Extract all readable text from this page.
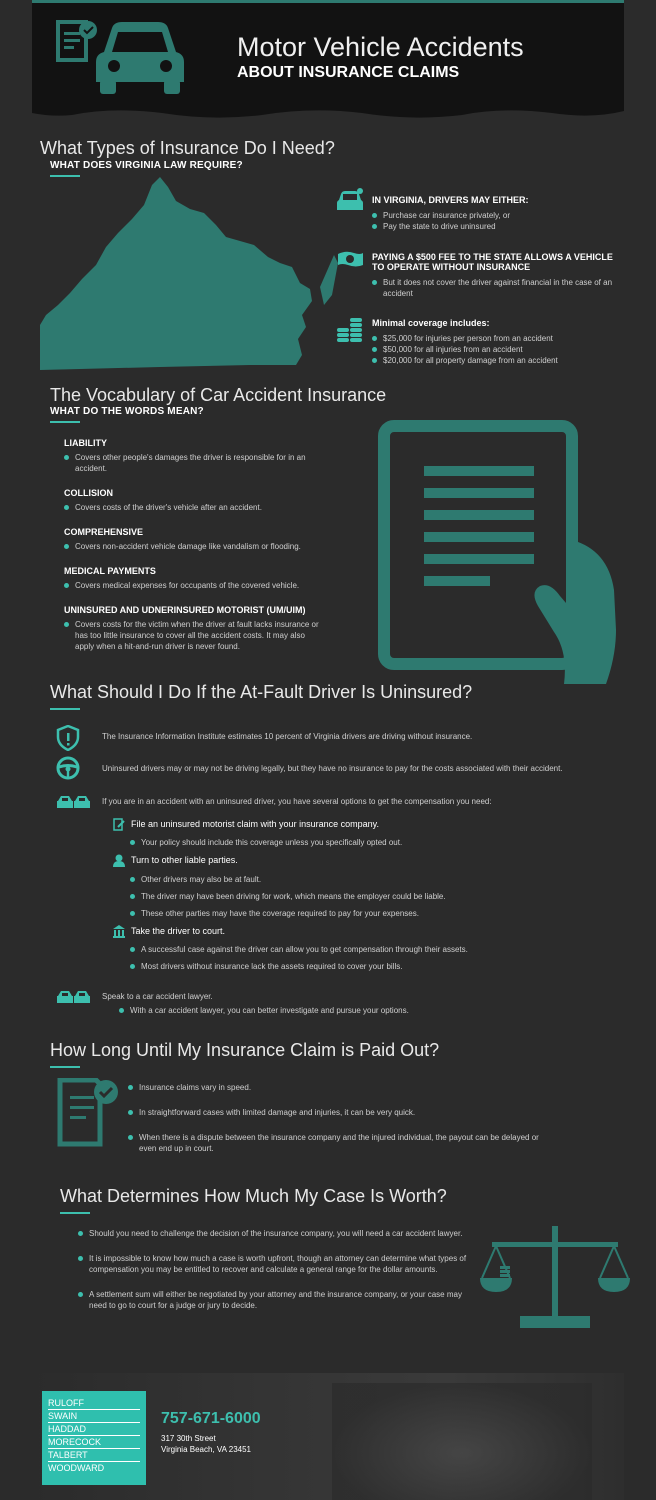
Motor Vehicle Accidents
ABOUT INSURANCE CLAIMS
What Types of Insurance Do I Need?
WHAT DOES VIRGINIA LAW REQUIRE?
IN VIRGINIA, DRIVERS MAY EITHER:
Purchase car insurance privately, or
Pay the state to drive uninsured
PAYING A $500 FEE TO THE STATE ALLOWS A VEHICLE TO OPERATE WITHOUT INSURANCE
But it does not cover the driver against financial in the case of an accident
Minimal coverage includes:
$25,000 for injuries per person from an accident
$50,000 for all injuries from an accident
$20,000 for all property damage from an accident
The Vocabulary of Car Accident Insurance
WHAT DO THE WORDS MEAN?
LIABILITY
Covers other people's damages the driver is responsible for in an accident.
COLLISION
Covers costs of the driver's vehicle after an accident.
COMPREHENSIVE
Covers non-accident vehicle damage like vandalism or flooding.
MEDICAL PAYMENTS
Covers medical expenses for occupants of the covered vehicle.
UNINSURED AND UDNERINSURED MOTORIST (UM/UIM)
Covers costs for the victim when the driver at fault lacks insurance or has too little insurance to cover all the accident costs. It may also apply when a hit-and-run driver is never found.
What Should I Do If the At-Fault Driver Is Uninsured?
The Insurance Information Institute estimates 10 percent of Virginia drivers are driving without insurance.
Uninsured drivers may or may not be driving legally, but they have no insurance to pay for the costs associated with their accident.
If you are in an accident with an uninsured driver, you have several options to get the compensation you need:
File an uninsured motorist claim with your insurance company.
Your policy should include this coverage unless you specifically opted out.
Turn to other liable parties.
Other drivers may also be at fault.
The driver may have been driving for work, which means the employer could be liable.
These other parties may have the coverage required to pay for your expenses.
Take the driver to court.
A successful case against the driver can allow you to get compensation through their assets.
Most drivers without insurance lack the assets required to cover your bills.
Speak to a car accident lawyer.
With a car accident lawyer, you can better investigate and pursue your options.
How Long Until My Insurance Claim is Paid Out?
Insurance claims vary in speed.
In straightforward cases with limited damage and injuries, it can be very quick.
When there is a dispute between the insurance company and the injured individual, the payout can be delayed or even end up in court.
What Determines How Much My Case Is Worth?
Should you need to challenge the decision of the insurance company, you will need a car accident lawyer.
It is impossible to know how much a case is worth upfront, though an attorney can determine what types of compensation you may be entitled to recover and calculate a general range for the dollar amounts.
A settlement sum will either be negotiated by your attorney and the insurance company, or your case may need to go to court for a judge or jury to decide.
RULOFF
SWAIN
HADDAD
MORECOCK
TALBERT
WOODWARD
757-671-6000
317 30th Street
Virginia Beach, VA 23451
